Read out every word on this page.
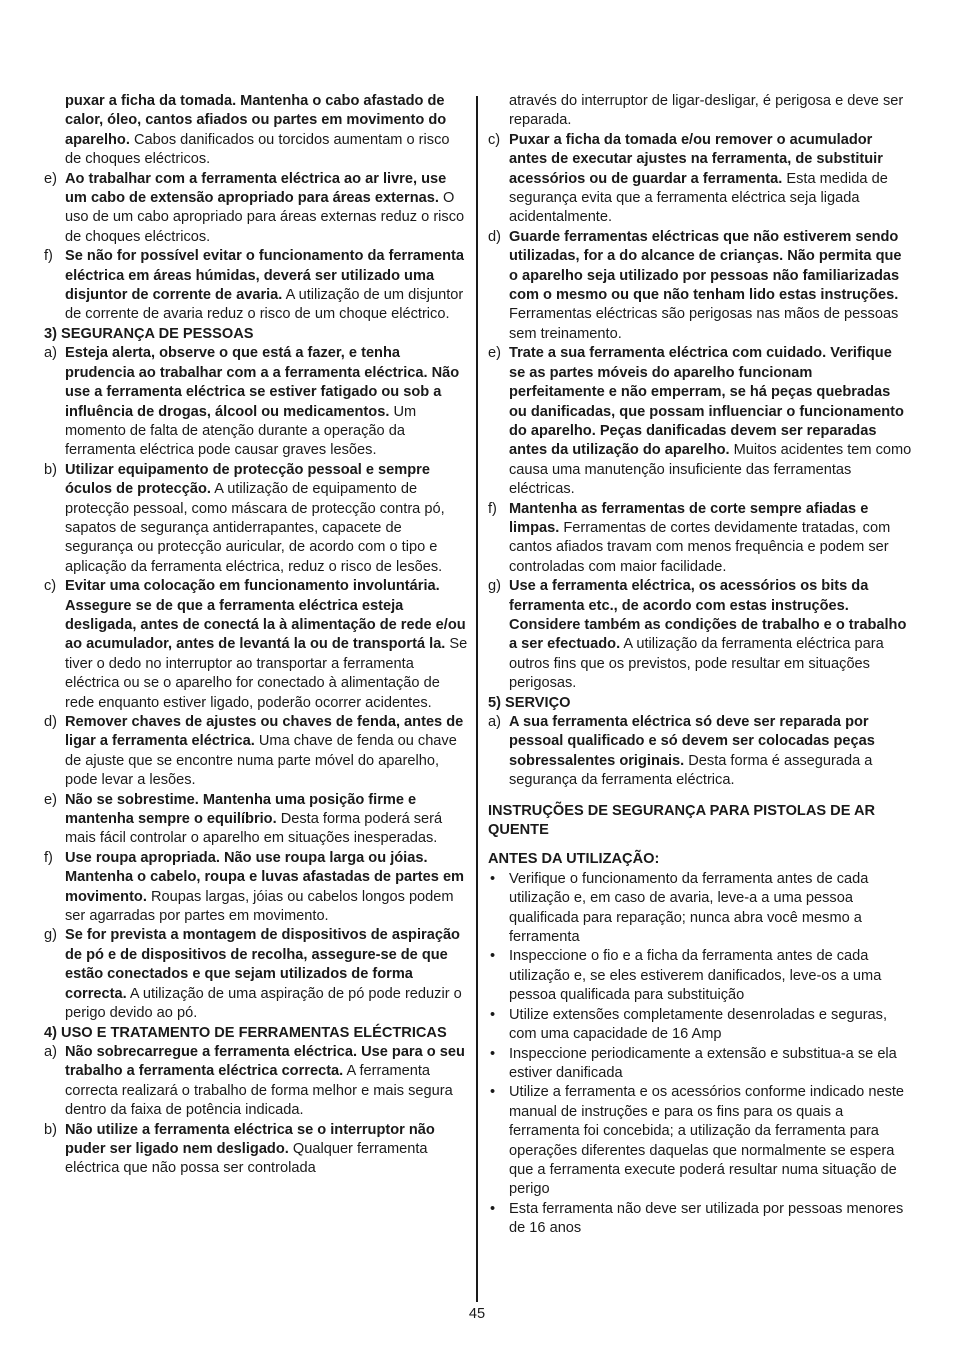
puxar a ficha da tomada. Mantenha o cabo afastado de calor, óleo, cantos afiados ou partes em movimento do aparelho. Cabos danificados ou torcidos aumentam o risco de choques eléctricos.
e) Ao trabalhar com a ferramenta eléctrica ao ar livre, use um cabo de extensão apropriado para áreas externas. O uso de um cabo apropriado para áreas externas reduz o risco de choques eléctricos.
f) Se não for possível evitar o funcionamento da ferramenta eléctrica em áreas húmidas, deverá ser utilizado uma disjuntor de corrente de avaria. A utilização de um disjuntor de corrente de avaria reduz o risco de um choque eléctrico.
3) SEGURANÇA DE PESSOAS
a) Esteja alerta, observe o que está a fazer, e tenha prudencia ao trabalhar com a a ferramenta eléctrica. Não use a ferramenta eléctrica se estiver fatigado ou sob a influência de drogas, álcool ou medicamentos. Um momento de falta de atenção durante a operação da ferramenta eléctrica pode causar graves lesões.
b) Utilizar equipamento de protecção pessoal e sempre óculos de protecção. A utilização de equipamento de protecção pessoal, como máscara de protecção contra pó, sapatos de segurança antiderrapantes, capacete de segurança ou protecção auricular, de acordo com o tipo e aplicação da ferramenta eléctrica, reduz o risco de lesões.
c) Evitar uma colocação em funcionamento involuntária. Assegure se de que a ferramenta eléctrica esteja desligada, antes de conectá la à alimentação de rede e/ou ao acumulador, antes de levantá la ou de transportá la. Se tiver o dedo no interruptor ao transportar a ferramenta eléctrica ou se o aparelho for conectado à alimentação de rede enquanto estiver ligado, poderão ocorrer acidentes.
d) Remover chaves de ajustes ou chaves de fenda, antes de ligar a ferramenta eléctrica. Uma chave de fenda ou chave de ajuste que se encontre numa parte móvel do aparelho, pode levar a lesões.
e) Não se sobrestime. Mantenha uma posição firme e mantenha sempre o equilíbrio. Desta forma poderá será mais fácil controlar o aparelho em situações inesperadas.
f) Use roupa apropriada. Não use roupa larga ou jóias. Mantenha o cabelo, roupa e luvas afastadas de partes em movimento. Roupas largas, jóias ou cabelos longos podem ser agarradas por partes em movimento.
g) Se for prevista a montagem de dispositivos de aspiração de pó e de dispositivos de recolha, assegure-se de que estão conectados e que sejam utilizados de forma correcta. A utilização de uma aspiração de pó pode reduzir o perigo devido ao pó.
4) USO E TRATAMENTO DE FERRAMENTAS ELÉCTRICAS
a) Não sobrecarregue a ferramenta eléctrica. Use para o seu trabalho a ferramenta eléctrica correcta. A ferramenta correcta realizará o trabalho de forma melhor e mais segura dentro da faixa de potência indicada.
b) Não utilize a ferramenta eléctrica se o interruptor não puder ser ligado nem desligado. Qualquer ferramenta eléctrica que não possa ser controlada
através do interruptor de ligar-desligar, é perigosa e deve ser reparada.
c) Puxar a ficha da tomada e/ou remover o acumulador antes de executar ajustes na ferramenta, de substituir acessórios ou de guardar a ferramenta. Esta medida de segurança evita que a ferramenta eléctrica seja ligada acidentalmente.
d) Guarde ferramentas eléctricas que não estiverem sendo utilizadas, for a do alcance de crianças. Não permita que o aparelho seja utilizado por pessoas não familiarizadas com o mesmo ou que não tenham lido estas instruções. Ferramentas eléctricas são perigosas nas mãos de pessoas sem treinamento.
e) Trate a sua ferramenta eléctrica com cuidado. Verifique se as partes móveis do aparelho funcionam perfeitamente e não emperram, se há peças quebradas ou danificadas, que possam influenciar o funcionamento do aparelho. Peças danificadas devem ser reparadas antes da utilização do aparelho. Muitos acidentes tem como causa uma manutenção insuficiente das ferramentas eléctricas.
f) Mantenha as ferramentas de corte sempre afiadas e limpas. Ferramentas de cortes devidamente tratadas, com cantos afiados travam com menos frequência e podem ser controladas com maior facilidade.
g) Use a ferramenta eléctrica, os acessórios os bits da ferramenta etc., de acordo com estas instruções. Considere também as condições de trabalho e o trabalho a ser efectuado. A utilização da ferramenta eléctrica para outros fins que os previstos, pode resultar em situações perigosas.
5) SERVIÇO
a) A sua ferramenta eléctrica só deve ser reparada por pessoal qualificado e só devem ser colocadas peças sobressalentes originais. Desta forma é assegurada a segurança da ferramenta eléctrica.
INSTRUÇÕES DE SEGURANÇA PARA PISTOLAS DE AR QUENTE
ANTES DA UTILIZAÇÃO:
• Verifique o funcionamento da ferramenta antes de cada utilização e, em caso de avaria, leve-a a uma pessoa qualificada para reparação; nunca abra você mesmo a ferramenta
• Inspeccione o fio e a ficha da ferramenta antes de cada utilização e, se eles estiverem danificados, leve-os a uma pessoa qualificada para substituição
• Utilize extensões completamente desenroladas e seguras, com uma capacidade de 16 Amp
• Inspeccione periodicamente a extensão e substitua-a se ela estiver danificada
• Utilize a ferramenta e os acessórios conforme indicado neste manual de instruções e para os fins para os quais a ferramenta foi concebida; a utilização da ferramenta para operações diferentes daquelas que normalmente se espera que a ferramenta execute poderá resultar numa situação de perigo
• Esta ferramenta não deve ser utilizada por pessoas menores de 16 anos
45
